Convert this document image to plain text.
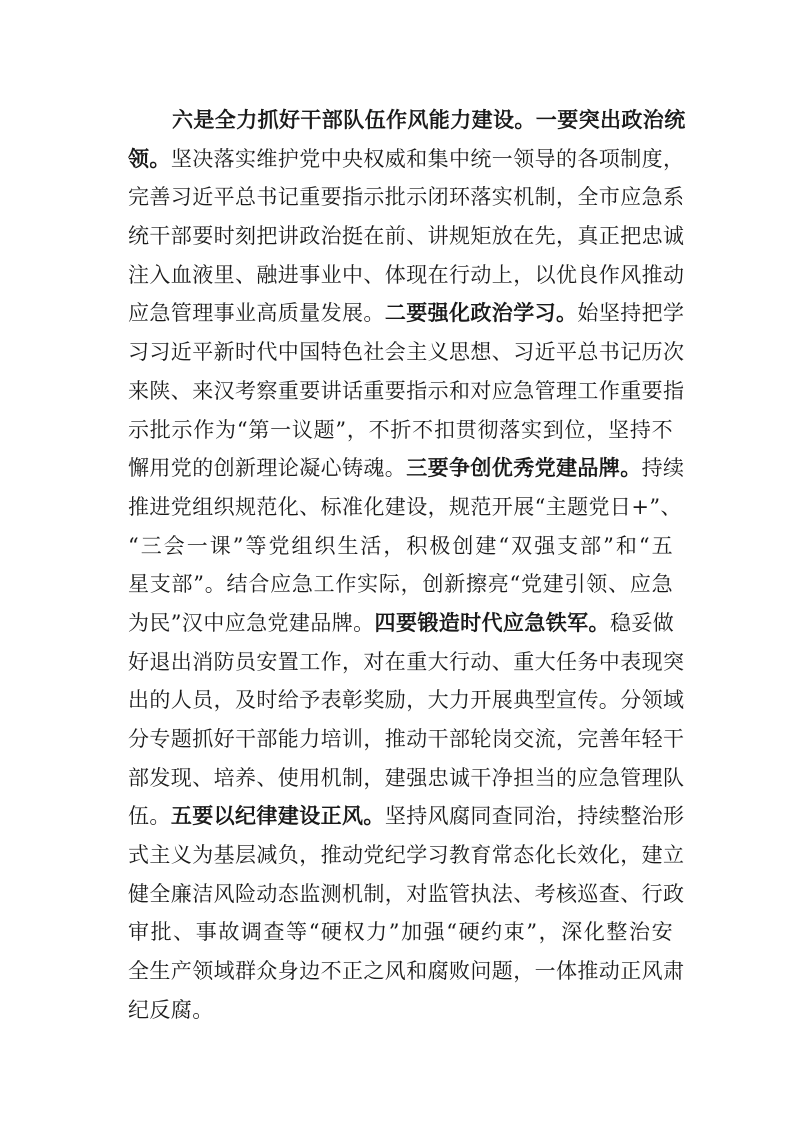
六是全力抓好干部队伍作风能力建设。一要突出政治统
领。坚决落实维护党中央权威和集中统一领导的各项制度，
完善习近平总书记重要指示批示闭环落实机制，全市应急系
统干部要时刻把讲政治挺在前、讲规矩放在先，真正把忠诚
注入血液里、融进事业中、体现在行动上，以优良作风推动
应急管理事业高质量发展。二要强化政治学习。始坚持把学
习习近平新时代中国特色社会主义思想、习近平总书记历次
来陕、来汉考察重要讲话重要指示和对应急管理工作重要指
示批示作为“第一议题”，不折不扣贯彻落实到位，坚持不
懈用党的创新理论凝心铸魂。三要争创优秀党建品牌。持续
推进党组织规范化、标准化建设，规范开展“主题党日+”、
“三会一课”等党组织生活，积极创建“双强支部”和“五
星支部”。结合应急工作实际，创新擦亮“党建引领、应急
为民”汉中应急党建品牌。四要锻造时代应急铁军。稳妥做
好退出消防员安置工作，对在重大行动、重大任务中表现突
出的人员，及时给予表彰奖励，大力开展典型宣传。分领域
分专题抓好干部能力培训，推动干部轮岗交流，完善年轻干
部发现、培养、使用机制，建强忠诚干净担当的应急管理队
伍。五要以纪律建设正风。坚持风腐同查同治，持续整治形
式主义为基层减负，推动党纪学习教育常态化长效化，建立
健全廉洁风险动态监测机制，对监管执法、考核巡查、行政
审批、事故调查等“硬权力”加强“硬约束”，深化整治安
全生产领域群众身边不正之风和腐败问题，一体推动正风肃
纪反腐。
